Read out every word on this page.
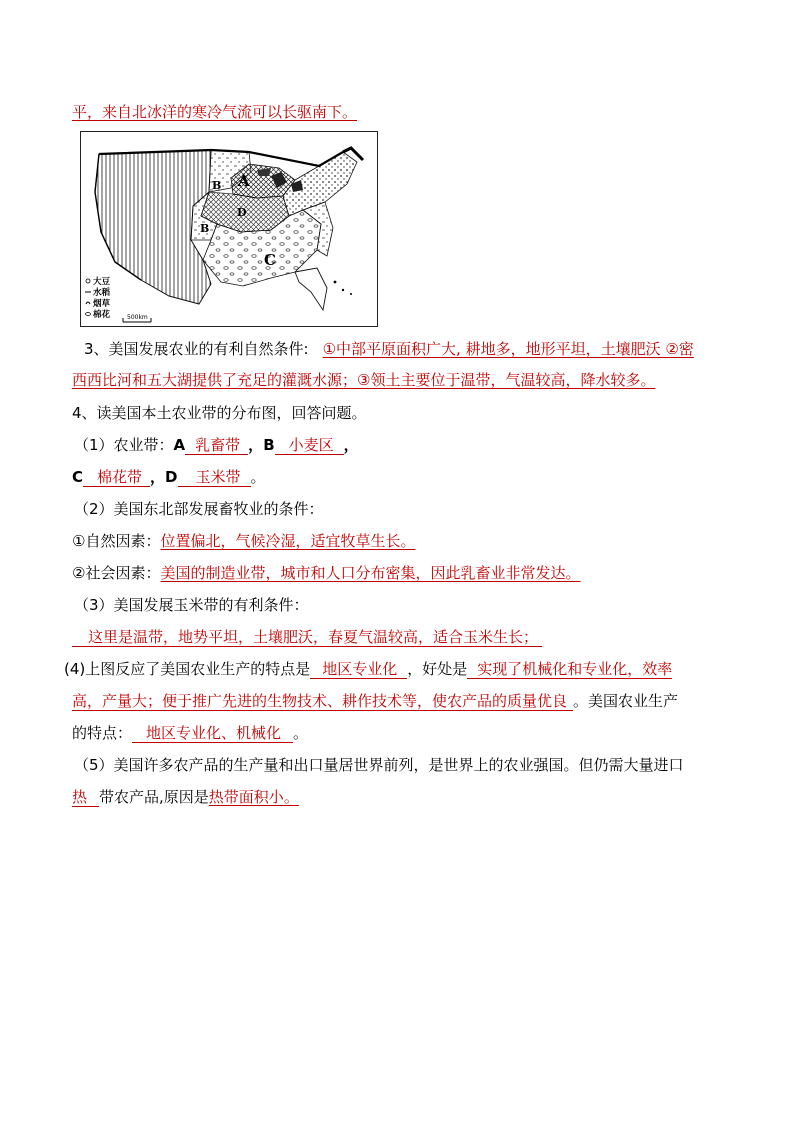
平，来自北冰洋的寒冷气流可以长驱南下。
A
B
B
D
C
大豆
水稻
烟草
棉花	500km
3、美国发展农业的有利自然条件: ①中部平原面积广大, 耕地多，地形平坦，土壤肥沃 ②密
西西比河和五大湖提供了充足的灌溉水源；③领土主要位于温带，气温较高，降水较多。
4、读美国本土农业带的分布图，回答问题。
（1）农业带：A 乳畜带 ，B 小麦区 ，
C 棉花带 ，D 玉米带 。
（2）美国东北部发展畜牧业的条件：
①自然因素：位置偏北，气候冷湿，适宜牧草生长。
②社会因素：美国的制造业带，城市和人口分布密集，因此乳畜业非常发达。
（3）美国发展玉米带的有利条件：
这里是温带，地势平坦，土壤肥沃，春夏气温较高，适合玉米生长；
(4)上图反应了美国农业生产的特点是 地区专业化 ，好处是 实现了机械化和专业化，效率
高，产量大；便于推广先进的生物技术、耕作技术等，使农产品的质量优良 。美国农业生产
的特点： 地区专业化、机械化 。
（5）美国许多农产品的生产量和出口量居世界前列，是世界上的农业强国。但仍需大量进口
热 带农产品,原因是热带面积小。
